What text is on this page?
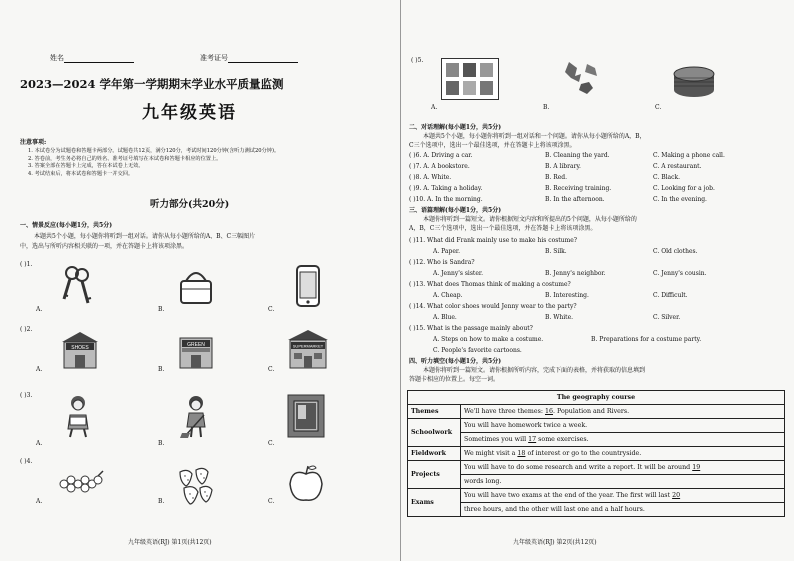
姓名	准考证号
2023—2024 学年第一学期期末学业水平质量监测
九年级英语
注意事项:
1. 本试卷分为试题卷和答题卡两部分。试题卷共12页，满分120分，考试时间120分钟(含听力测试20分钟)。
2. 答卷前，考生务必将自己的姓名、准考证号填写在本试卷和答题卡相应的位置上。
3. 答案全部在答题卡上完成，答在本试卷上无效。
4. 考试结束后，将本试卷和答题卡一并交回。
听力部分(共20分)
一、情景反应(每小题1分，共5分)
本题共5个小题，每小题你将听到一组对话。请你从每小题所给的A、B、C三幅图片
中，选出与所听内容相关联的一项，并在答题卡上将该项涂黑。
( )1.
A.	B.	C.
( )2.
A.
SHOES
B.
GREEN
C.
SUPERMARKET
( )3.
A.	B.	C.
( )4.
A.	B.	C.
九年级英语(RJ) 第1页(共12页)
( )5.
A.	B.	C.
二、对话理解(每小题1分，共5分)
本题共5个小题，每小题你将听到一组对话和一个问题。请你从每小题所给的A，B，
C三个选项中，选出一个最佳选项，并在答题卡上将该项涂黑。
( )6. A. Driving a car.	B. Cleaning the yard.	C. Making a phone call.
( )7. A. A bookstore.	B. A library.	C. A restaurant.
( )8. A. White.	B. Red.	C. Black.
( )9. A. Taking a holiday.	B. Receiving training.	C. Looking for a job.
( )10. A. In the morning.	B. In the afternoon.	C. In the evening.
三、语篇理解(每小题1分，共5分)
本题你将听到一篇短文。请你根据短文内容和所提出的5个问题，从每小题所给的
A，B，C三个选项中，选出一个最佳选项，并在答题卡上将该项涂黑。
( )11. What did Frank mainly use to make his costume?
A. Paper.	B. Silk.	C. Old clothes.
( )12. Who is Sandra?
A. Jenny's sister.	B. Jenny's neighbor.	C. Jenny's cousin.
( )13. What does Thomas think of making a costume?
A. Cheap.	B. Interesting.	C. Difficult.
( )14. What color shoes would Jenny wear to the party?
A. Blue.	B. White.	C. Silver.
( )15. What is the passage mainly about?
A. Steps on how to make a costume.	B. Preparations for a costume party.
C. People's favorite cartoons.
四、听力填空(每小题1分，共5分)
本题你将听到一篇短文。请你根据所听内容，完成下面的表格，并将获取的信息填到
答题卡相应的位置上。每空一词。
The geography course	
Themes	We'll have three themes: 16. Population and Rivers.
Schoolwork	You will have homework twice a week.
	Sometimes you will 17 some exercises.
Fieldwork	We might visit a 18 of interest or go to the countryside.
Projects	You will have to do some research and write a report. It will be around 19
	words long.
Exams	You will have two exams at the end of the year. The first will last 20
	three hours, and the other will last one and a half hours.
九年级英语(RJ) 第2页(共12页)
